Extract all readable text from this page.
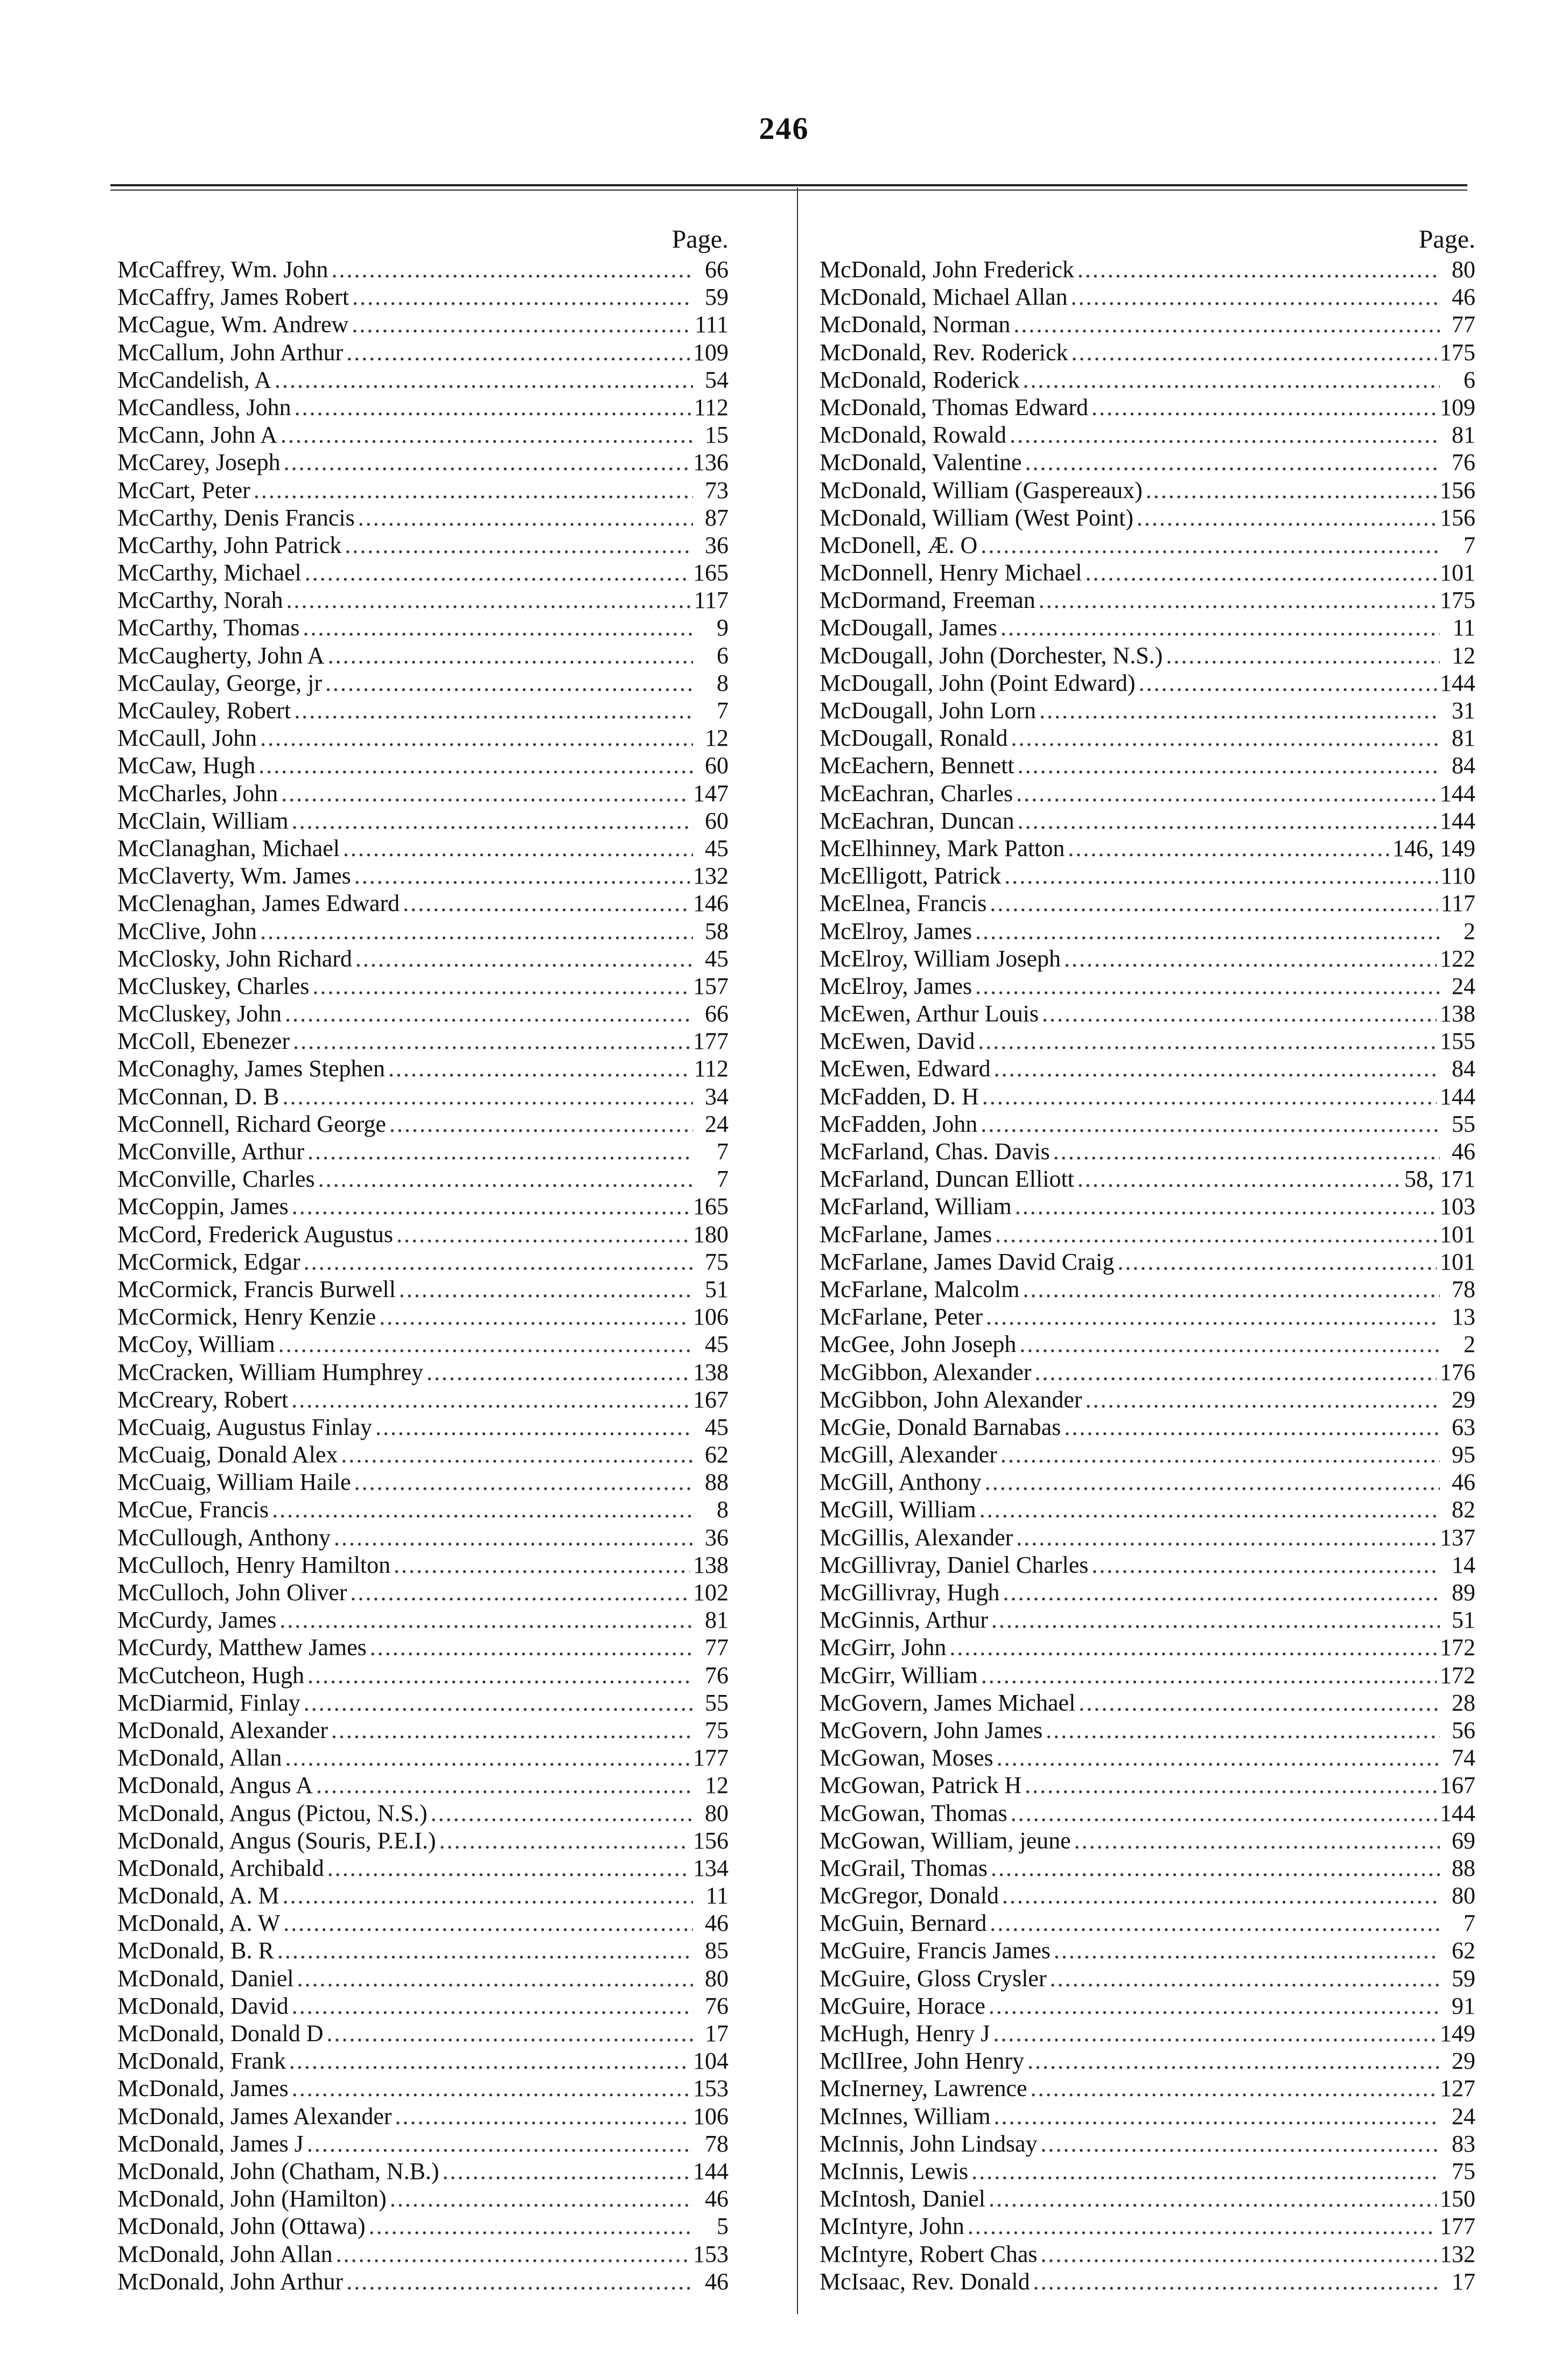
246
Page.
McCaffrey, Wm. John .....	66
McCaffry, James Robert .....	59
McCague, Wm. Andrew .....	111
McCallum, John Arthur .....	109
McCandelish, A .....	54
McCandless, John .....	112
McCann, John A .....	15
McCarey, Joseph .....	136
McCart, Peter .....	73
McCarthy, Denis Francis .....	87
McCarthy, John Patrick .....	36
McCarthy, Michael .....	165
McCarthy, Norah .....	117
McCarthy, Thomas .....	9
McCaugherty, John A .....	6
McCaulay, George, jr .....	8
McCauley, Robert .....	7
McCaull, John .....	12
McCaw, Hugh .....	60
McCharles, John .....	147
McClain, William .....	60
McClanaghan, Michael .....	45
McClaverty, Wm. James .....	132
McClenaghan, James Edward .....	146
McClive, John .....	58
McClosky, John Richard .....	45
McCluskey, Charles .....	157
McCluskey, John .....	66
McColl, Ebenezer .....	177
McConaghy, James Stephen .....	112
McConnan, D. B .....	34
McConnell, Richard George .....	24
McConville, Arthur .....	7
McConville, Charles .....	7
McCoppin, James .....	165
McCord, Frederick Augustus .....	180
McCormick, Edgar .....	75
McCormick, Francis Burwell .....	51
McCormick, Henry Kenzie .....	106
McCoy, William .....	45
McCracken, William Humphrey .....	138
McCreary, Robert .....	167
McCuaig, Augustus Finlay .....	45
McCuaig, Donald Alex .....	62
McCuaig, William Haile .....	88
McCue, Francis .....	8
McCullough, Anthony .....	36
McCulloch, Henry Hamilton .....	138
McCulloch, John Oliver .....	102
McCurdy, James .....	81
McCurdy, Matthew James .....	77
McCutcheon, Hugh .....	76
McDiarmid, Finlay .....	55
McDonald, Alexander .....	75
McDonald, Allan .....	177
McDonald, Angus A .....	12
McDonald, Angus (Pictou, N.S.) .....	80
McDonald, Angus (Souris, P.E.I.) .....	156
McDonald, Archibald .....	134
McDonald, A. M .....	11
McDonald, A. W .....	46
McDonald, B. R .....	85
McDonald, Daniel .....	80
McDonald, David .....	76
McDonald, Donald D .....	17
McDonald, Frank .....	104
McDonald, James .....	153
McDonald, James Alexander .....	106
McDonald, James J .....	78
McDonald, John (Chatham, N.B.) .....	144
McDonald, John (Hamilton) .....	46
McDonald, John (Ottawa) .....	5
McDonald, John Allan .....	153
McDonald, John Arthur .....	46
Page.
McDonald, John Frederick .....	80
McDonald, Michael Allan .....	46
McDonald, Norman .....	77
McDonald, Rev. Roderick .....	175
McDonald, Roderick .....	6
McDonald, Thomas Edward .....	109
McDonald, Rowald .....	81
McDonald, Valentine .....	76
McDonald, William (Gaspereaux) .....	156
McDonald, William (West Point) .....	156
McDonell, Æ. O .....	7
McDonnell, Henry Michael .....	101
McDormand, Freeman .....	175
McDougall, James .....	11
McDougall, John (Dorchester, N.S.) .....	12
McDougall, John (Point Edward) .....	144
McDougall, John Lorn .....	31
McDougall, Ronald .....	81
McEachern, Bennett .....	84
McEachran, Charles .....	144
McEachran, Duncan .....	144
McElhinney, Mark Patton .....	146, 149
McElligott, Patrick .....	110
McElnea, Francis .....	117
McElroy, James .....	2
McElroy, William Joseph .....	122
McElroy, James .....	24
McEwen, Arthur Louis .....	138
McEwen, David .....	155
McEwen, Edward .....	84
McFadden, D. H .....	144
McFadden, John .....	55
McFarland, Chas. Davis .....	46
McFarland, Duncan Elliott .....	58, 171
McFarland, William .....	103
McFarlane, James .....	101
McFarlane, James David Craig .....	101
McFarlane, Malcolm .....	78
McFarlane, Peter .....	13
McGee, John Joseph .....	2
McGibbon, Alexander .....	176
McGibbon, John Alexander .....	29
McGie, Donald Barnabas .....	63
McGill, Alexander .....	95
McGill, Anthony .....	46
McGill, William .....	82
McGillis, Alexander .....	137
McGillivray, Daniel Charles .....	14
McGillivray, Hugh .....	89
McGinnis, Arthur .....	51
McGirr, John .....	172
McGirr, William .....	172
McGovern, James Michael .....	28
McGovern, John James .....	56
McGowan, Moses .....	74
McGowan, Patrick H .....	167
McGowan, Thomas .....	144
McGowan, William, jeune .....	69
McGrail, Thomas .....	88
McGregor, Donald .....	80
McGuin, Bernard .....	7
McGuire, Francis James .....	62
McGuire, Gloss Crysler .....	59
McGuire, Horace .....	91
McHugh, Henry J .....	149
McIlIree, John Henry .....	29
McInerney, Lawrence .....	127
McInnes, William .....	24
McInnis, John Lindsay .....	83
McInnis, Lewis .....	75
McIntosh, Daniel .....	150
McIntyre, John .....	177
McIntyre, Robert Chas .....	132
McIsaac, Rev. Donald .....	17
